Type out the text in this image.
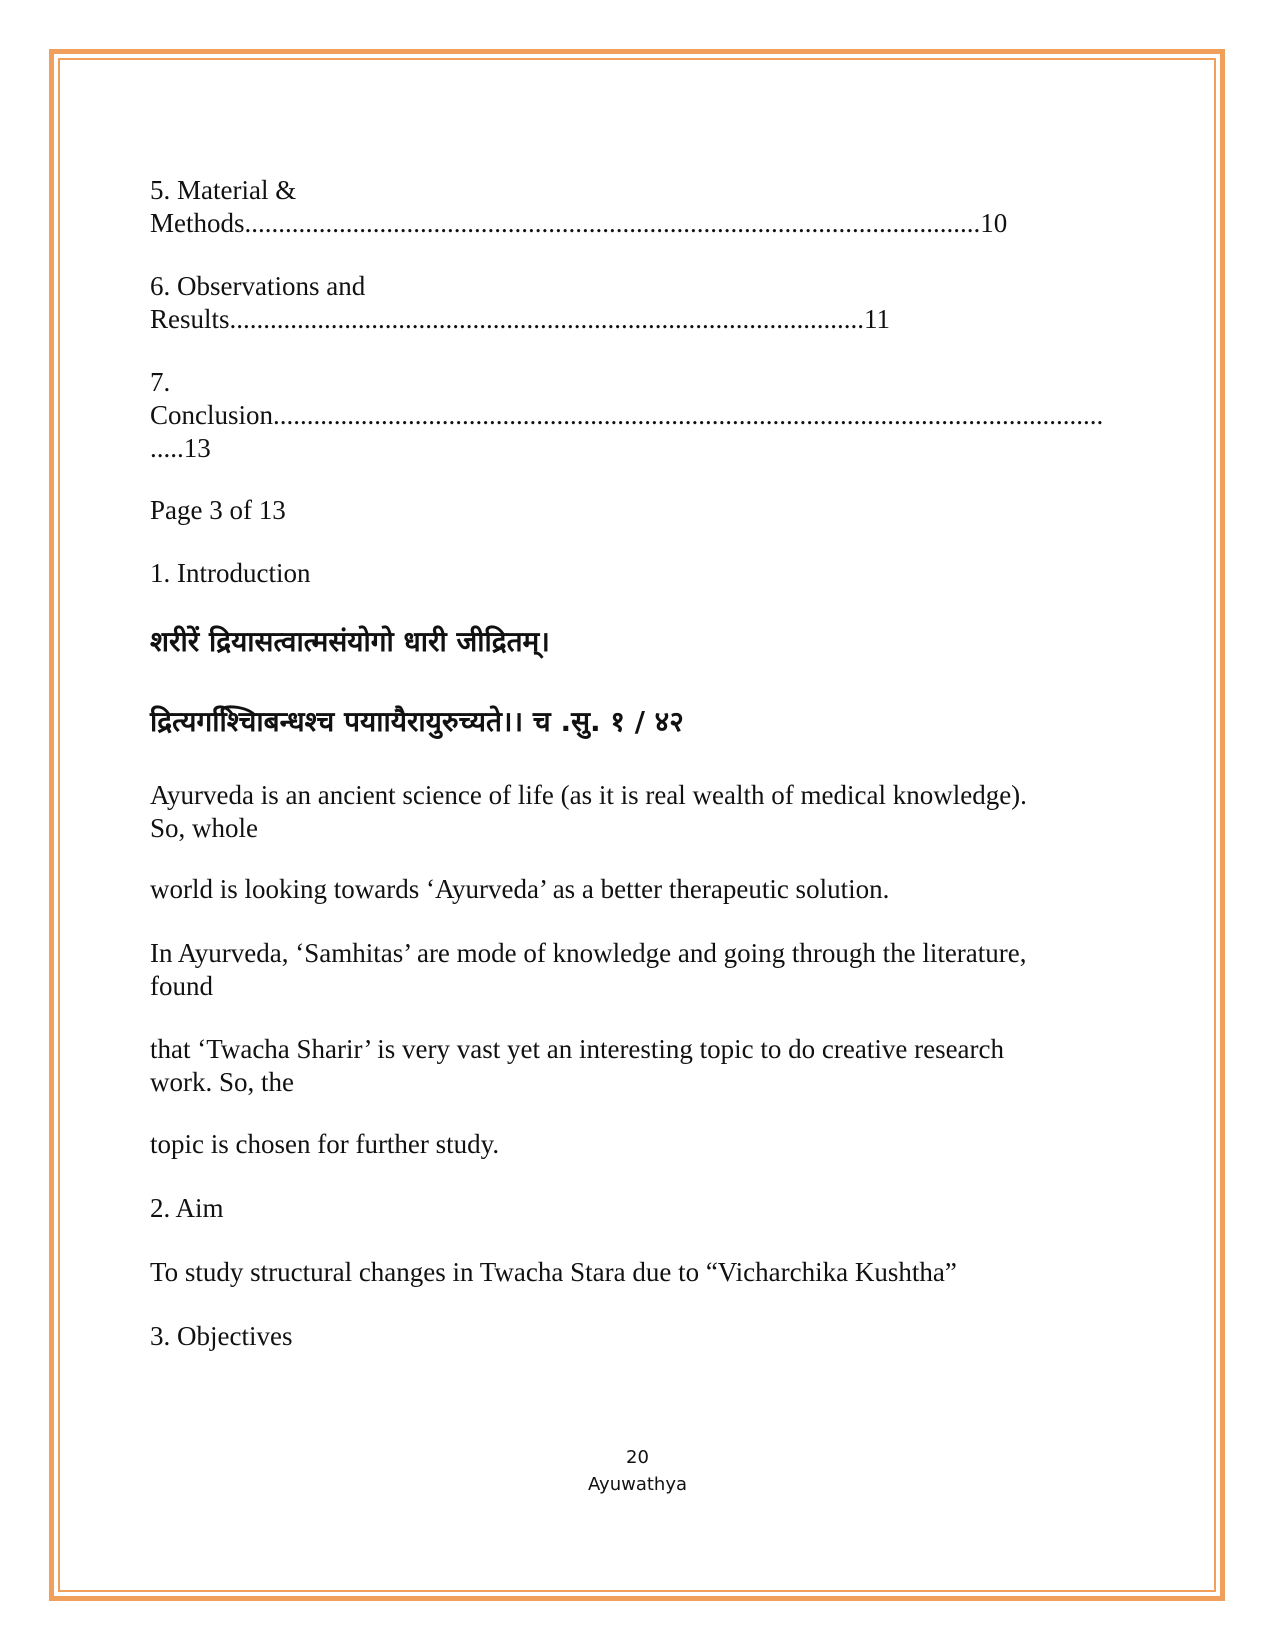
5. Material &
Methods.............................................................................................................10
6. Observations and
Results..............................................................................................11
7.
Conclusion...........................................................................................................................
.....13
Page 3 of 13
1. Introduction
शरीरें द्रियासत्वात्मसंयोगो धारी जीद्रितम्।
द्रित्यगश्चाििबन्धश्च पयाायैरायुरुच्यते।। च .सु. १ / ४२
Ayurveda is an ancient science of life (as it is real wealth of medical knowledge).
So, whole
world is looking towards ‘Ayurveda’ as a better therapeutic solution.
In Ayurveda, ‘Samhitas’ are mode of knowledge and going through the literature,
found
that ‘Twacha Sharir’ is very vast yet an interesting topic to do creative research
work. So, the
topic is chosen for further study.
2. Aim
To study structural changes in Twacha Stara due to “Vicharchika Kushtha”
3. Objectives
20
Ayuwathya
